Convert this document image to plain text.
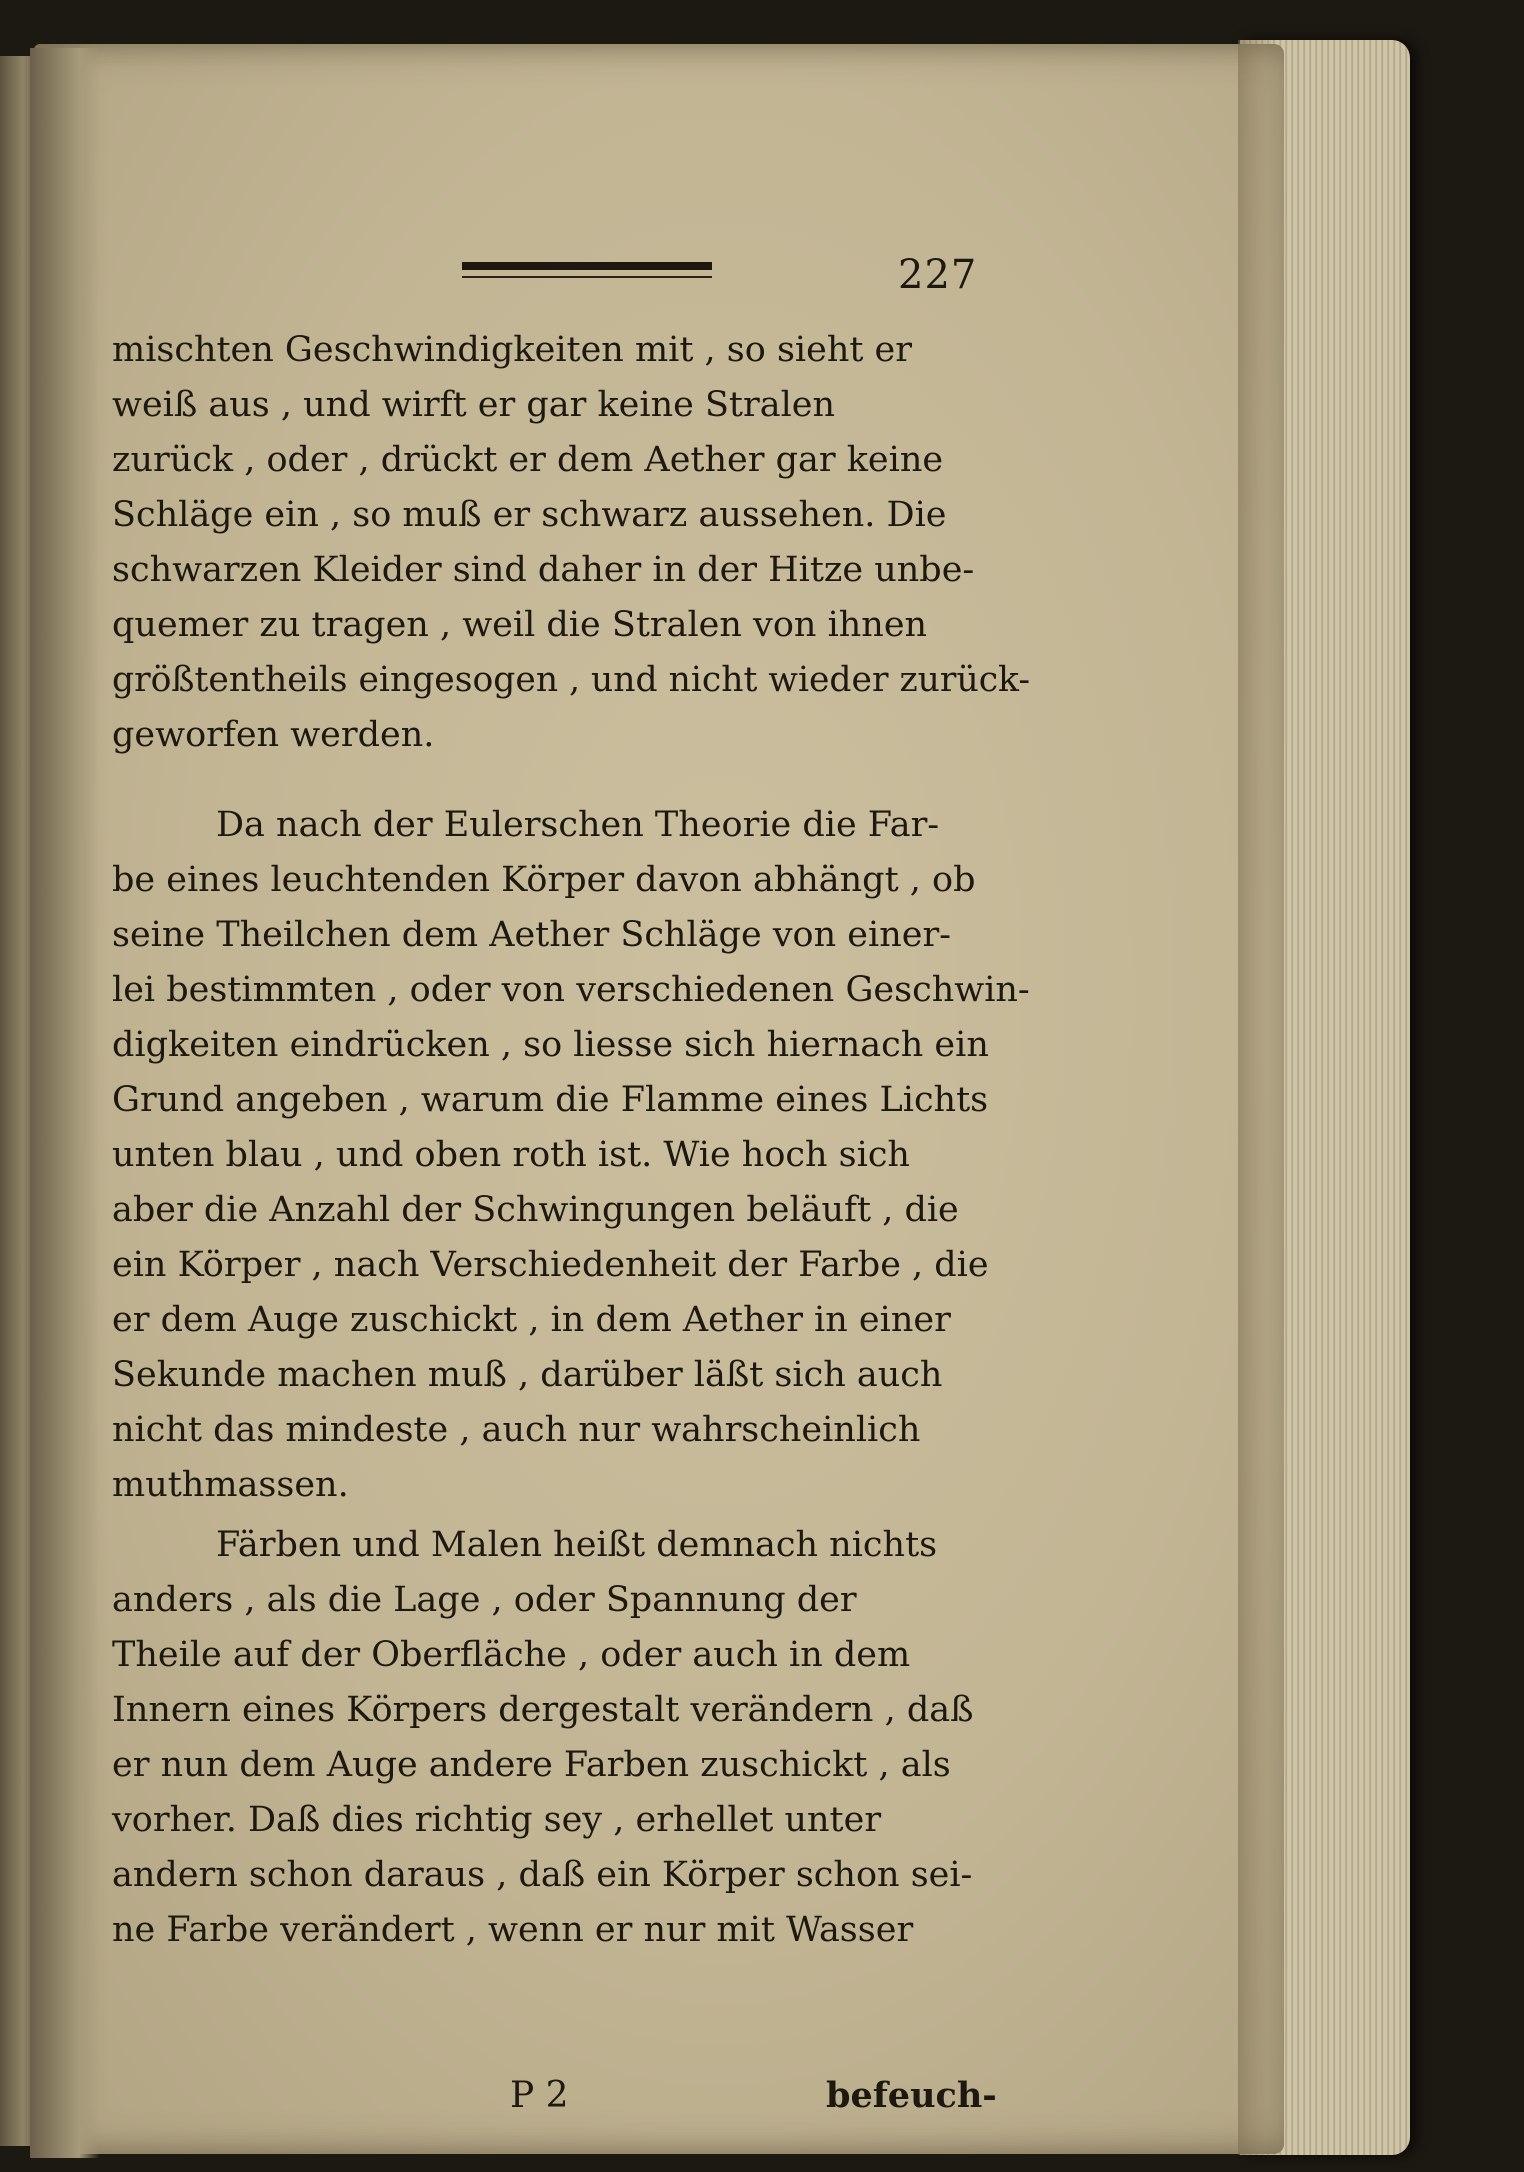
227
mischten Geschwindigkeiten mit , so sieht er
weiß aus , und wirft er gar keine Stralen
zurück , oder , drückt er dem Aether gar keine
Schläge ein , so muß er schwarz aussehen. Die
schwarzen Kleider sind daher in der Hitze unbe-
quemer zu tragen , weil die Stralen von ihnen
größtentheils eingesogen , und nicht wieder zurück-
geworfen werden.
Da nach der Eulerschen Theorie die Far-
be eines leuchtenden Körper davon abhängt , ob
seine Theilchen dem Aether Schläge von einer-
lei bestimmten , oder von verschiedenen Geschwin-
digkeiten eindrücken , so liesse sich hiernach ein
Grund angeben , warum die Flamme eines Lichts
unten blau , und oben roth ist. Wie hoch sich
aber die Anzahl der Schwingungen beläuft , die
ein Körper , nach Verschiedenheit der Farbe , die
er dem Auge zuschickt , in dem Aether in einer
Sekunde machen muß , darüber läßt sich auch
nicht das mindeste , auch nur wahrscheinlich
muthmassen.
Färben und Malen heißt demnach nichts
anders , als die Lage , oder Spannung der
Theile auf der Oberfläche , oder auch in dem
Innern eines Körpers dergestalt verändern , daß
er nun dem Auge andere Farben zuschickt , als
vorher. Daß dies richtig sey , erhellet unter
andern schon daraus , daß ein Körper schon sei-
ne Farbe verändert , wenn er nur mit Wasser
P 2	befeuch-
